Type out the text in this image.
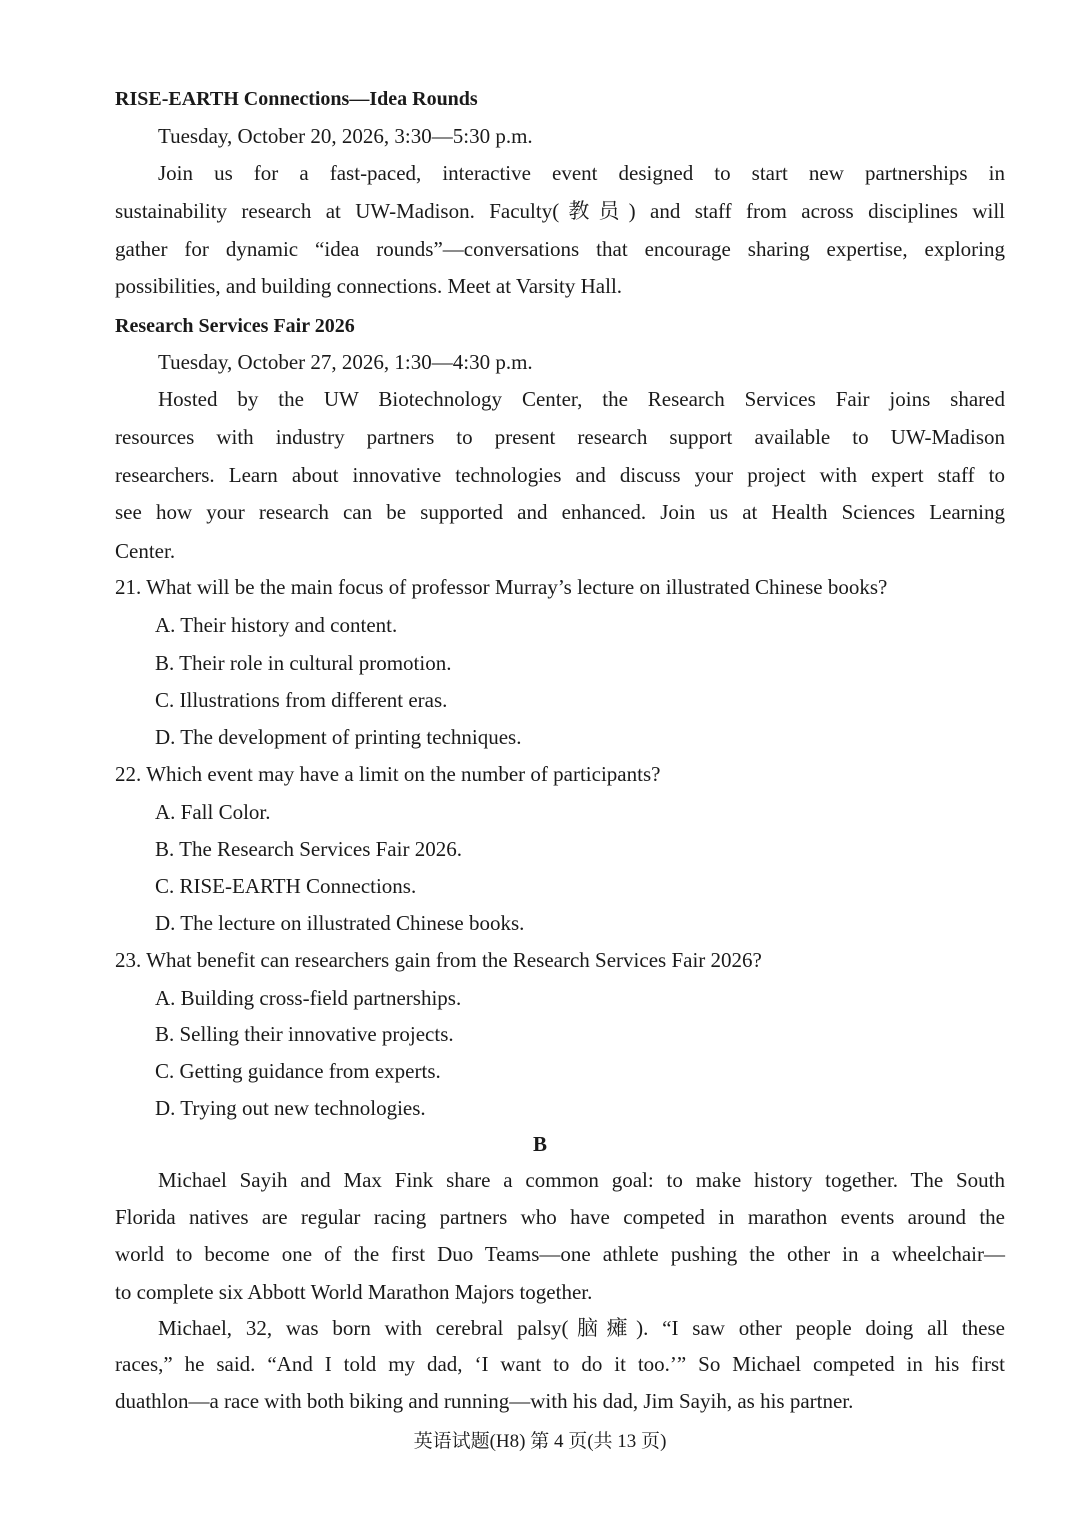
RISE-EARTH Connections—Idea Rounds
Tuesday, October 20, 2026, 3:30—5:30 p.m.
Join us for a fast-paced, interactive event designed to start new partnerships in
sustainability research at UW-Madison. Faculty(教员) and staff from across disciplines will
gather for dynamic “idea rounds”—conversations that encourage sharing expertise, exploring
possibilities, and building connections. Meet at Varsity Hall.
Research Services Fair 2026
Tuesday, October 27, 2026, 1:30—4:30 p.m.
Hosted by the UW Biotechnology Center, the Research Services Fair joins shared
resources with industry partners to present research support available to UW-Madison
researchers. Learn about innovative technologies and discuss your project with expert staff to
see how your research can be supported and enhanced. Join us at Health Sciences Learning
Center.
21. What will be the main focus of professor Murray’s lecture on illustrated Chinese books?
A. Their history and content.
B. Their role in cultural promotion.
C. Illustrations from different eras.
D. The development of printing techniques.
22. Which event may have a limit on the number of participants?
A. Fall Color.
B. The Research Services Fair 2026.
C. RISE-EARTH Connections.
D. The lecture on illustrated Chinese books.
23. What benefit can researchers gain from the Research Services Fair 2026?
A. Building cross-field partnerships.
B. Selling their innovative projects.
C. Getting guidance from experts.
D. Trying out new technologies.
B
Michael Sayih and Max Fink share a common goal: to make history together. The South
Florida natives are regular racing partners who have competed in marathon events around the
world to become one of the first Duo Teams—one athlete pushing the other in a wheelchair—
to complete six Abbott World Marathon Majors together.
Michael, 32, was born with cerebral palsy(脑瘫). “I saw other people doing all these
races,” he said. “And I told my dad, ‘I want to do it too.’” So Michael competed in his first
duathlon—a race with both biking and running—with his dad, Jim Sayih, as his partner.
英语试题(H8) 第 4 页(共 13 页)
